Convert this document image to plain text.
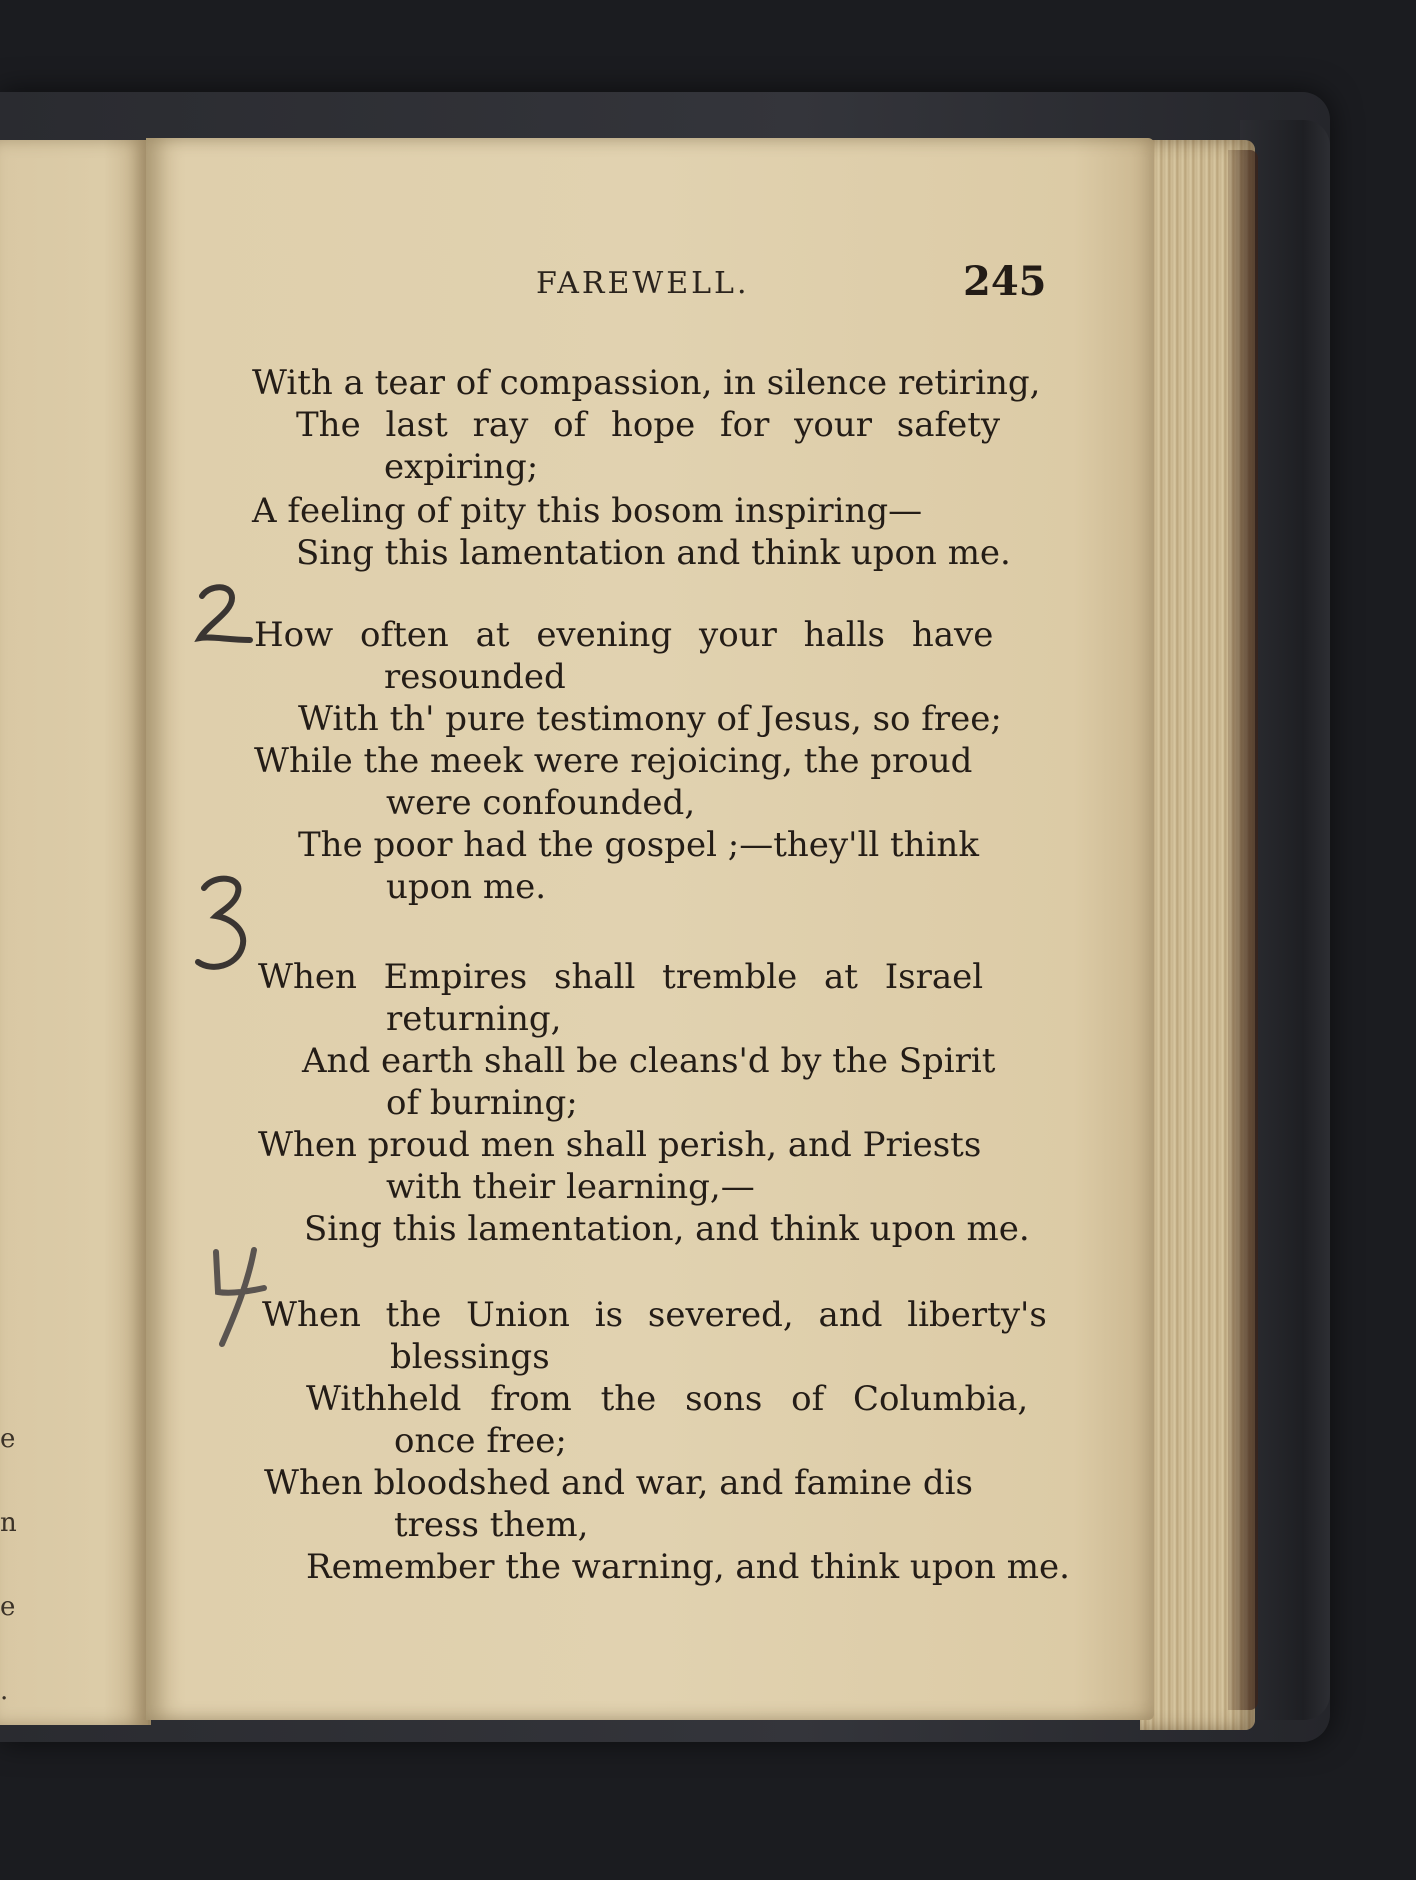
e
n
e
.
FAREWELL.	245
With a tear of compassion, in silence retiring,
The last ray of hope for your safety
expiring;
A feeling of pity this bosom inspiring—
Sing this lamentation and think upon me.
How often at evening your halls have
resounded
With th' pure testimony of Jesus, so free;
While the meek were rejoicing, the proud
were confounded,
The poor had the gospel ;—they'll think
upon me.
When Empires shall tremble at Israel
returning,
And earth shall be cleans'd by the Spirit
of burning;
When proud men shall perish, and Priests
with their learning,—
Sing this lamentation, and think upon me.
When the Union is severed, and liberty's
blessings
Withheld from the sons of Columbia,
once free;
When bloodshed and war, and famine dis
tress them,
Remember the warning, and think upon me.
